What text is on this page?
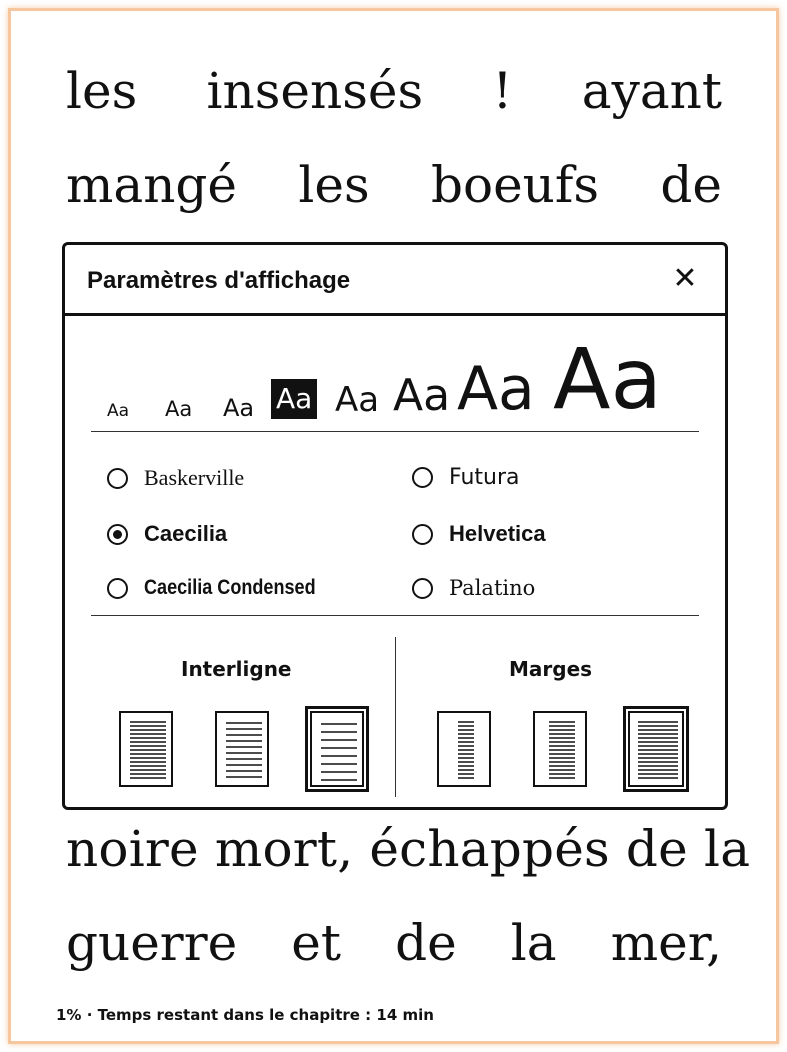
les insensés ! ayant
mangé les boeufs de
Paramètres d'affichage	✕
Aa Aa Aa Aa Aa Aa Aa Aa
Baskerville
Caecilia
Caecilia Condensed
Futura
Helvetica
Palatino
Interligne	Marges
noire mort, échappés de la
guerre et de la mer,
1% · Temps restant dans le chapitre : 14 min
